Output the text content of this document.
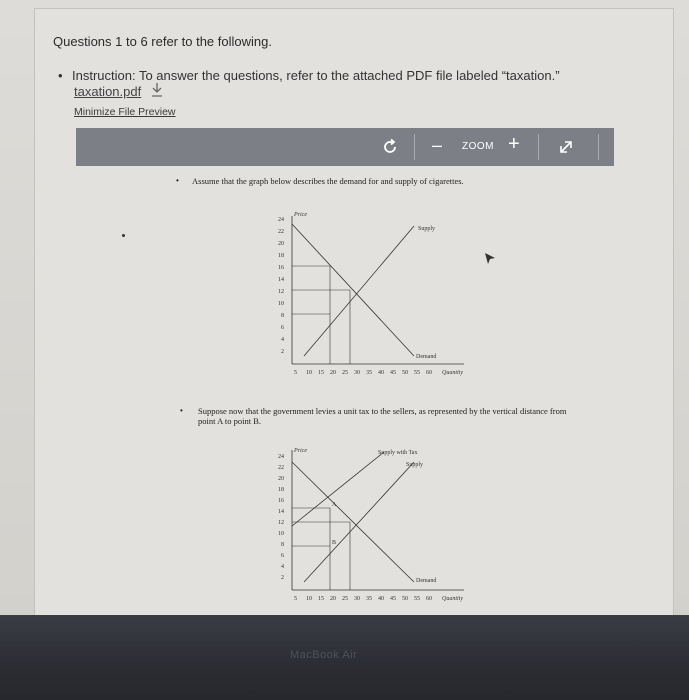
Questions 1 to 6 refer to the following.
• Instruction: To answer the questions, refer to the attached PDF file labeled “taxation.”
taxation.pdf
Minimize File Preview
– ZOOM +
• Assume that the graph below describes the demand for and supply of cigarettes.
Price
24
22
20
18
16
14
12
10
8
6
4
2
5 10 15 20 25 30 35 40 45 50 55 60 Quantity
Supply
Demand
• Suppose now that the government levies a unit tax to the sellers, as represented by the vertical distance from point A to point B.
Price
24
22
20
18
16
14
12
10
8
6
4
2
5 10 15 20 25 30 35 40 45 50 55 60 Quantity
A
B
Supply with Tax
Supply
Demand
MacBook Air
